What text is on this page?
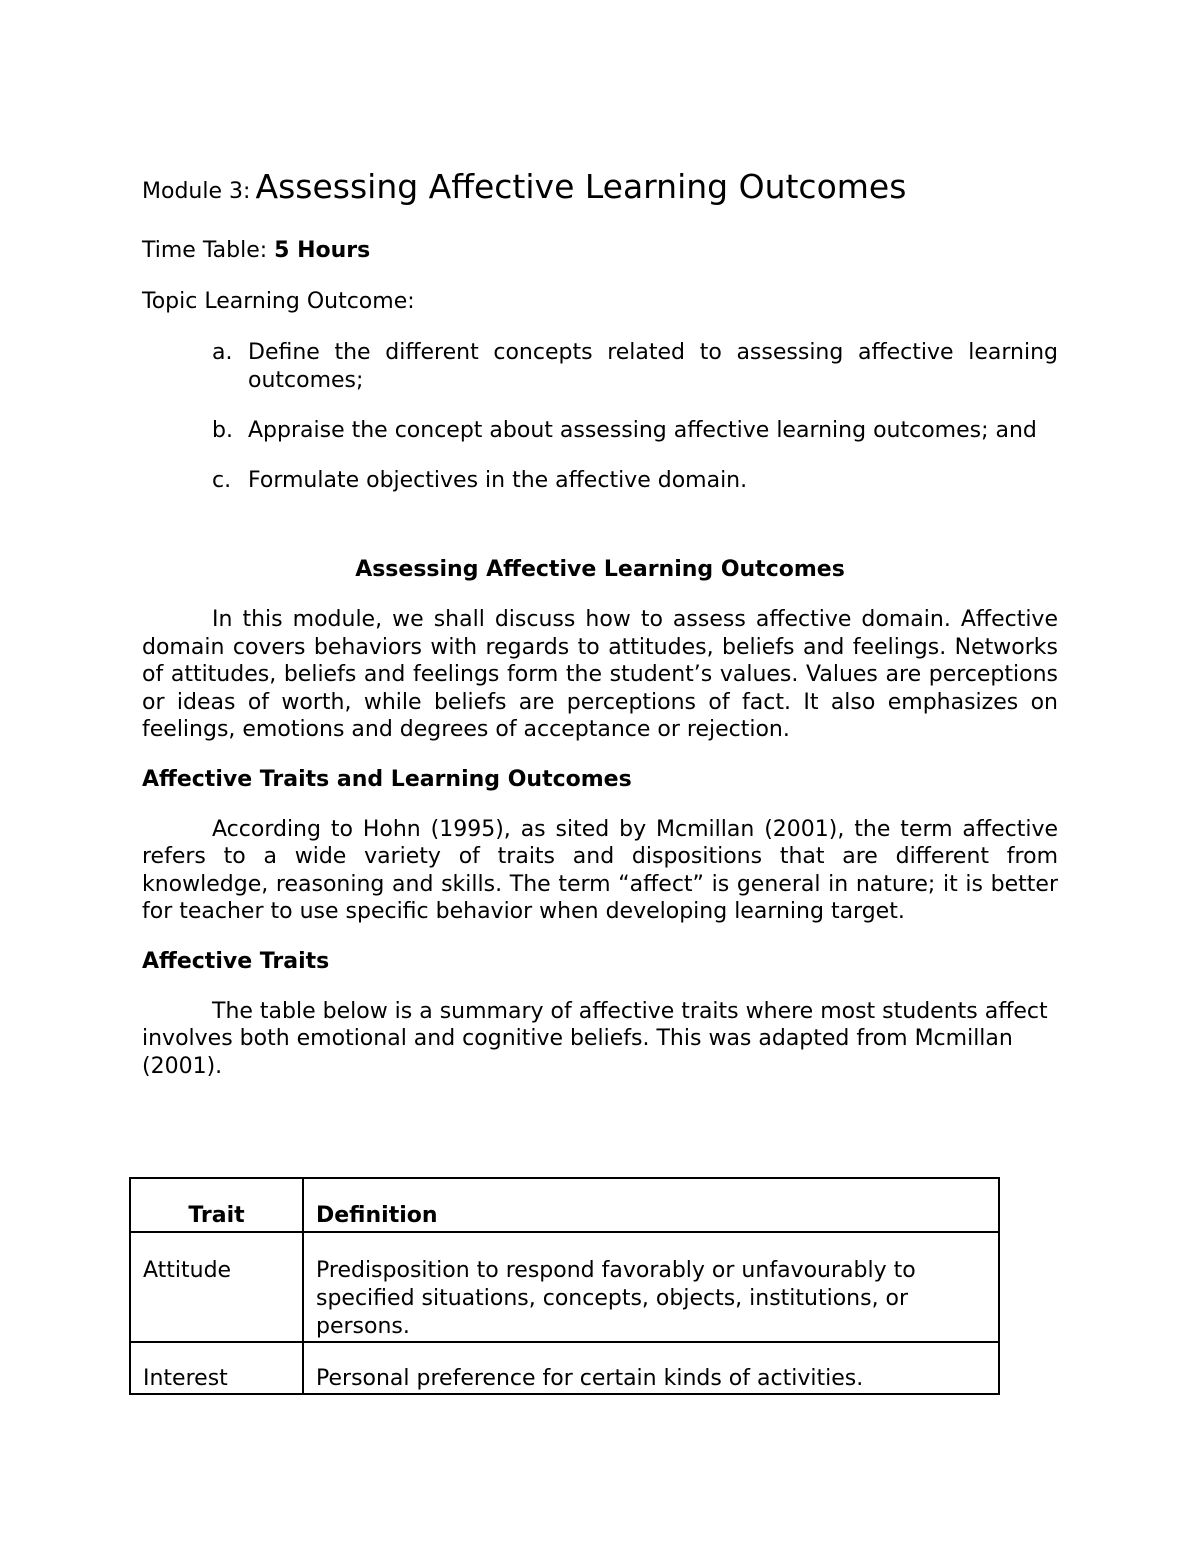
Module 3: Assessing Affective Learning Outcomes

Time Table: 5 Hours

Topic Learning Outcome:

a. Define the different concepts related to assessing affective learning outcomes;
b. Appraise the concept about assessing affective learning outcomes; and
c. Formulate objectives in the affective domain.
Assessing Affective Learning Outcomes

In this module, we shall discuss how to assess affective domain. Affective domain covers behaviors with regards to attitudes, beliefs and feelings. Networks of attitudes, beliefs and feelings form the student’s values. Values are perceptions or ideas of worth, while beliefs are perceptions of fact. It also emphasizes on feelings, emotions and degrees of acceptance or rejection.

Affective Traits and Learning Outcomes

According to Hohn (1995), as sited by Mcmillan (2001), the term affective refers to a wide variety of traits and dispositions that are different from knowledge, reasoning and skills. The term “affect” is general in nature; it is better for teacher to use specific behavior when developing learning target.

Affective Traits

The table below is a summary of affective traits where most students affect involves both emotional and cognitive beliefs. This was adapted from Mcmillan (2001).

Trait	Definition
Attitude	Predisposition to respond favorably or unfavourably to specified situations, concepts, objects, institutions, or persons.
Interest	Personal preference for certain kinds of activities.
